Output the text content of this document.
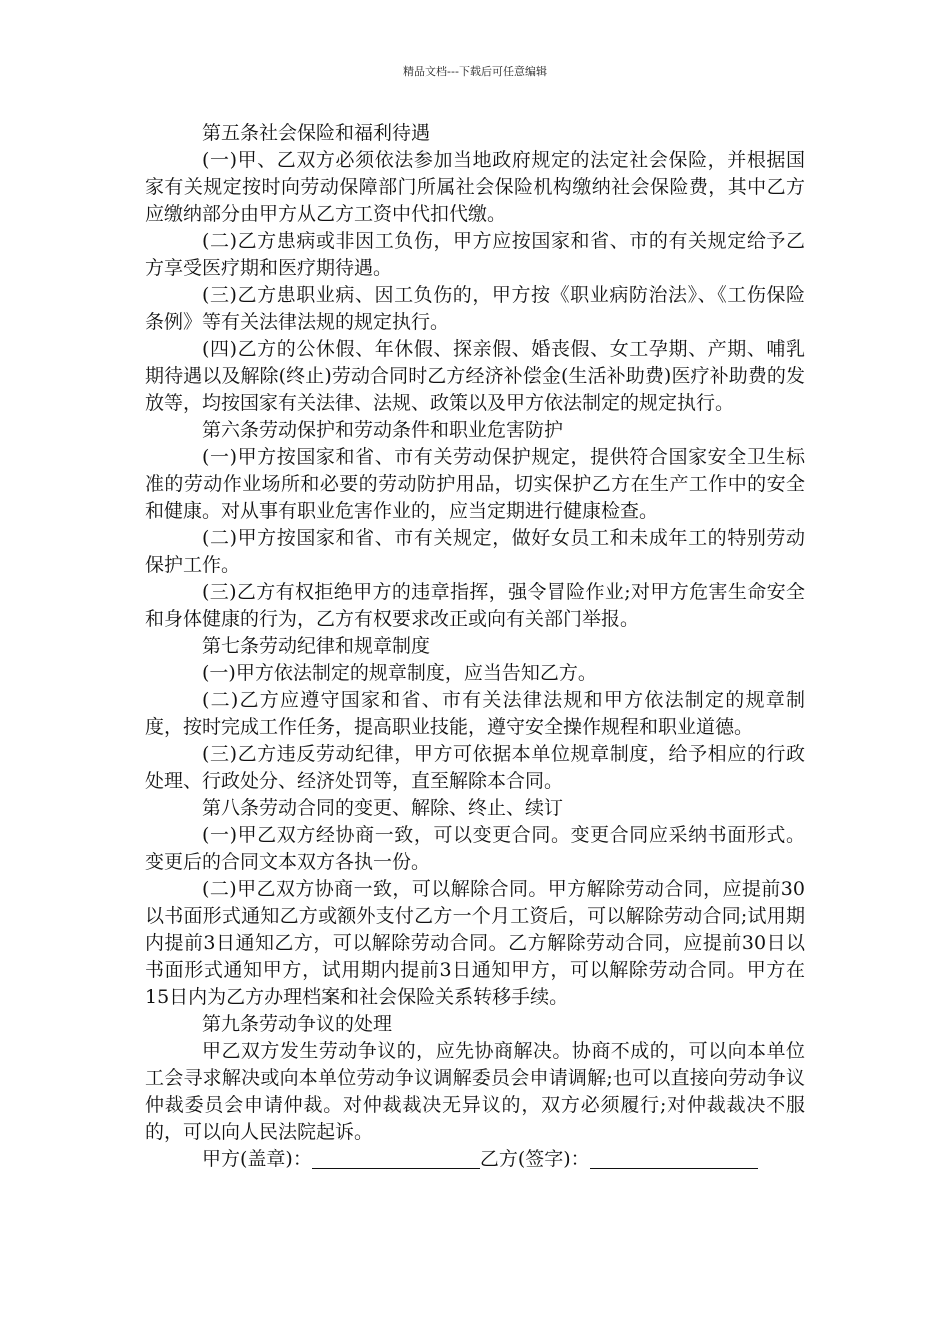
精品文档---下载后可任意编辑

第五条社会保险和福利待遇

(一)甲、乙双方必须依法参加当地政府规定的法定社会保险，并根据国家有关规定按时向劳动保障部门所属社会保险机构缴纳社会保险费，其中乙方应缴纳部分由甲方从乙方工资中代扣代缴。

(二)乙方患病或非因工负伤，甲方应按国家和省、市的有关规定给予乙方享受医疗期和医疗期待遇。

(三)乙方患职业病、因工负伤的，甲方按《职业病防治法》、《工伤保险条例》等有关法律法规的规定执行。

(四)乙方的公休假、年休假、探亲假、婚丧假、女工孕期、产期、哺乳期待遇以及解除(终止)劳动合同时乙方经济补偿金(生活补助费)医疗补助费的发放等，均按国家有关法律、法规、政策以及甲方依法制定的规定执行。

第六条劳动保护和劳动条件和职业危害防护

(一)甲方按国家和省、市有关劳动保护规定，提供符合国家安全卫生标准的劳动作业场所和必要的劳动防护用品，切实保护乙方在生产工作中的安全和健康。对从事有职业危害作业的，应当定期进行健康检查。

(二)甲方按国家和省、市有关规定，做好女员工和未成年工的特别劳动保护工作。

(三)乙方有权拒绝甲方的违章指挥，强令冒险作业;对甲方危害生命安全和身体健康的行为，乙方有权要求改正或向有关部门举报。

第七条劳动纪律和规章制度

(一)甲方依法制定的规章制度，应当告知乙方。

(二)乙方应遵守国家和省、市有关法律法规和甲方依法制定的规章制度，按时完成工作任务，提高职业技能，遵守安全操作规程和职业道德。

(三)乙方违反劳动纪律，甲方可依据本单位规章制度，给予相应的行政处理、行政处分、经济处罚等，直至解除本合同。

第八条劳动合同的变更、解除、终止、续订

(一)甲乙双方经协商一致，可以变更合同。变更合同应采纳书面形式。变更后的合同文本双方各执一份。

(二)甲乙双方协商一致，可以解除合同。甲方解除劳动合同，应提前30以书面形式通知乙方或额外支付乙方一个月工资后，可以解除劳动合同;试用期内提前3日通知乙方，可以解除劳动合同。乙方解除劳动合同，应提前30日以书面形式通知甲方，试用期内提前3日通知甲方，可以解除劳动合同。甲方在15日内为乙方办理档案和社会保险关系转移手续。

第九条劳动争议的处理

甲乙双方发生劳动争议的，应先协商解决。协商不成的，可以向本单位工会寻求解决或向本单位劳动争议调解委员会申请调解;也可以直接向劳动争议仲裁委员会申请仲裁。对仲裁裁决无异议的，双方必须履行;对仲裁裁决不服的，可以向人民法院起诉。

甲方(盖章)：	乙方(签字)：
